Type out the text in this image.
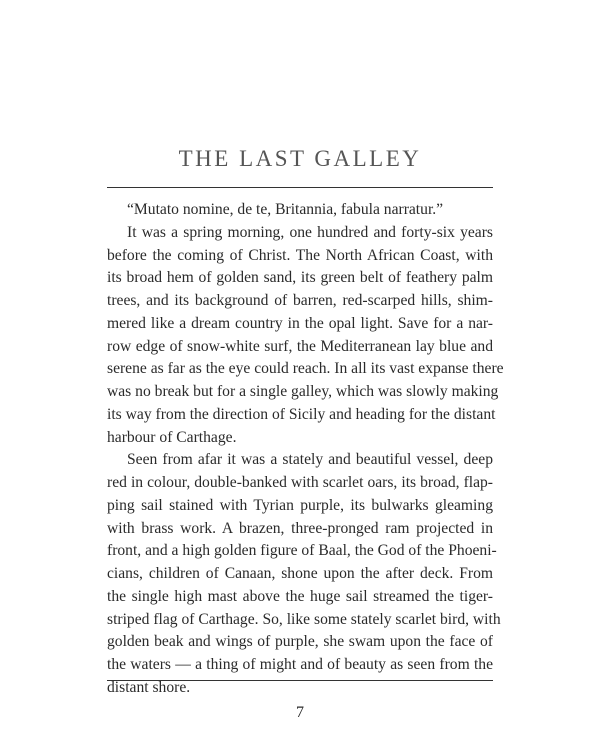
THE LAST GALLEY
“Mutato nomine, de te, Britannia, fabula narratur.”
It was a spring morning, one hundred and forty-six years
before the coming of Christ. The North African Coast, with
its broad hem of golden sand, its green belt of feathery palm
trees, and its background of barren, red-scarped hills, shim-
mered like a dream country in the opal light. Save for a nar-
row edge of snow-white surf, the Mediterranean lay blue and
serene as far as the eye could reach. In all its vast expanse there
was no break but for a single galley, which was slowly making
its way from the direction of Sicily and heading for the distant
harbour of Carthage.
Seen from afar it was a stately and beautiful vessel, deep
red in colour, double-banked with scarlet oars, its broad, flap-
ping sail stained with Tyrian purple, its bulwarks gleaming
with brass work. A brazen, three-pronged ram projected in
front, and a high golden figure of Baal, the God of the Phoeni-
cians, children of Canaan, shone upon the after deck. From
the single high mast above the huge sail streamed the tiger-
striped flag of Carthage. So, like some stately scarlet bird, with
golden beak and wings of purple, she swam upon the face of
the waters — a thing of might and of beauty as seen from the
distant shore.
7
